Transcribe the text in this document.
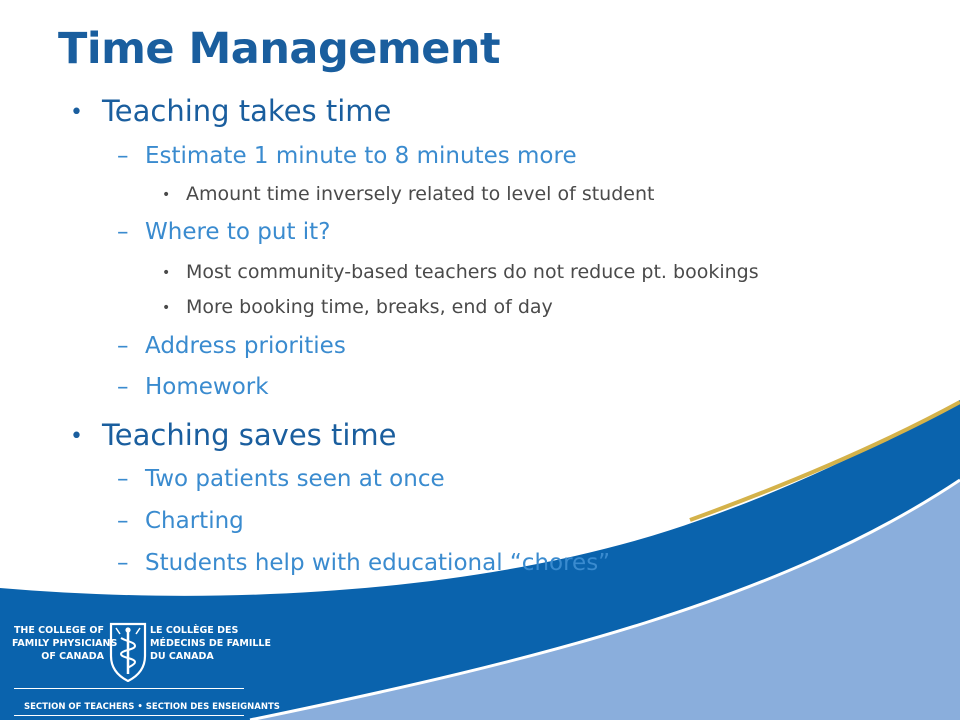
Time Management
• Teaching takes time
– Estimate 1 minute to 8 minutes more
• Amount time inversely related to level of student
– Where to put it?
• Most community-based teachers do not reduce pt. bookings
• More booking time, breaks, end of day
– Address priorities
– Homework
• Teaching saves time
– Two patients seen at once
– Charting
– Students help with educational “chores”
THE COLLEGE OF
FAMILY PHYSICIANS
OF CANADA
LE COLLÈGE DES
MÉDECINS DE FAMILLE
DU CANADA
SECTION OF TEACHERS • SECTION DES ENSEIGNANTS
